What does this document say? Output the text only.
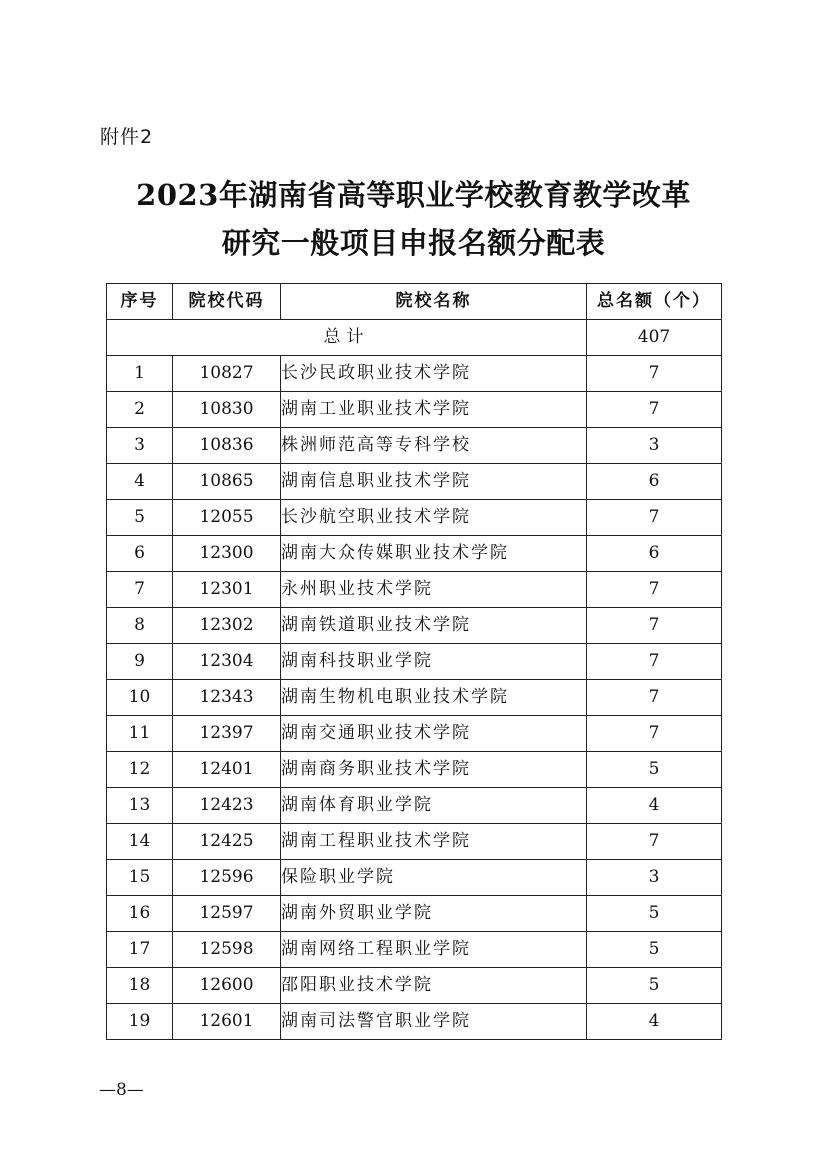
附件2
2023年湖南省高等职业学校教育教学改革
研究一般项目申报名额分配表
序号	院校代码	院校名称	总名额（个）
总计			407
1	10827	长沙民政职业技术学院	7
2	10830	湖南工业职业技术学院	7
3	10836	株洲师范高等专科学校	3
4	10865	湖南信息职业技术学院	6
5	12055	长沙航空职业技术学院	7
6	12300	湖南大众传媒职业技术学院	6
7	12301	永州职业技术学院	7
8	12302	湖南铁道职业技术学院	7
9	12304	湖南科技职业学院	7
10	12343	湖南生物机电职业技术学院	7
11	12397	湖南交通职业技术学院	7
12	12401	湖南商务职业技术学院	5
13	12423	湖南体育职业学院	4
14	12425	湖南工程职业技术学院	7
15	12596	保险职业学院	3
16	12597	湖南外贸职业学院	5
17	12598	湖南网络工程职业学院	5
18	12600	邵阳职业技术学院	5
19	12601	湖南司法警官职业学院	4
—8—
